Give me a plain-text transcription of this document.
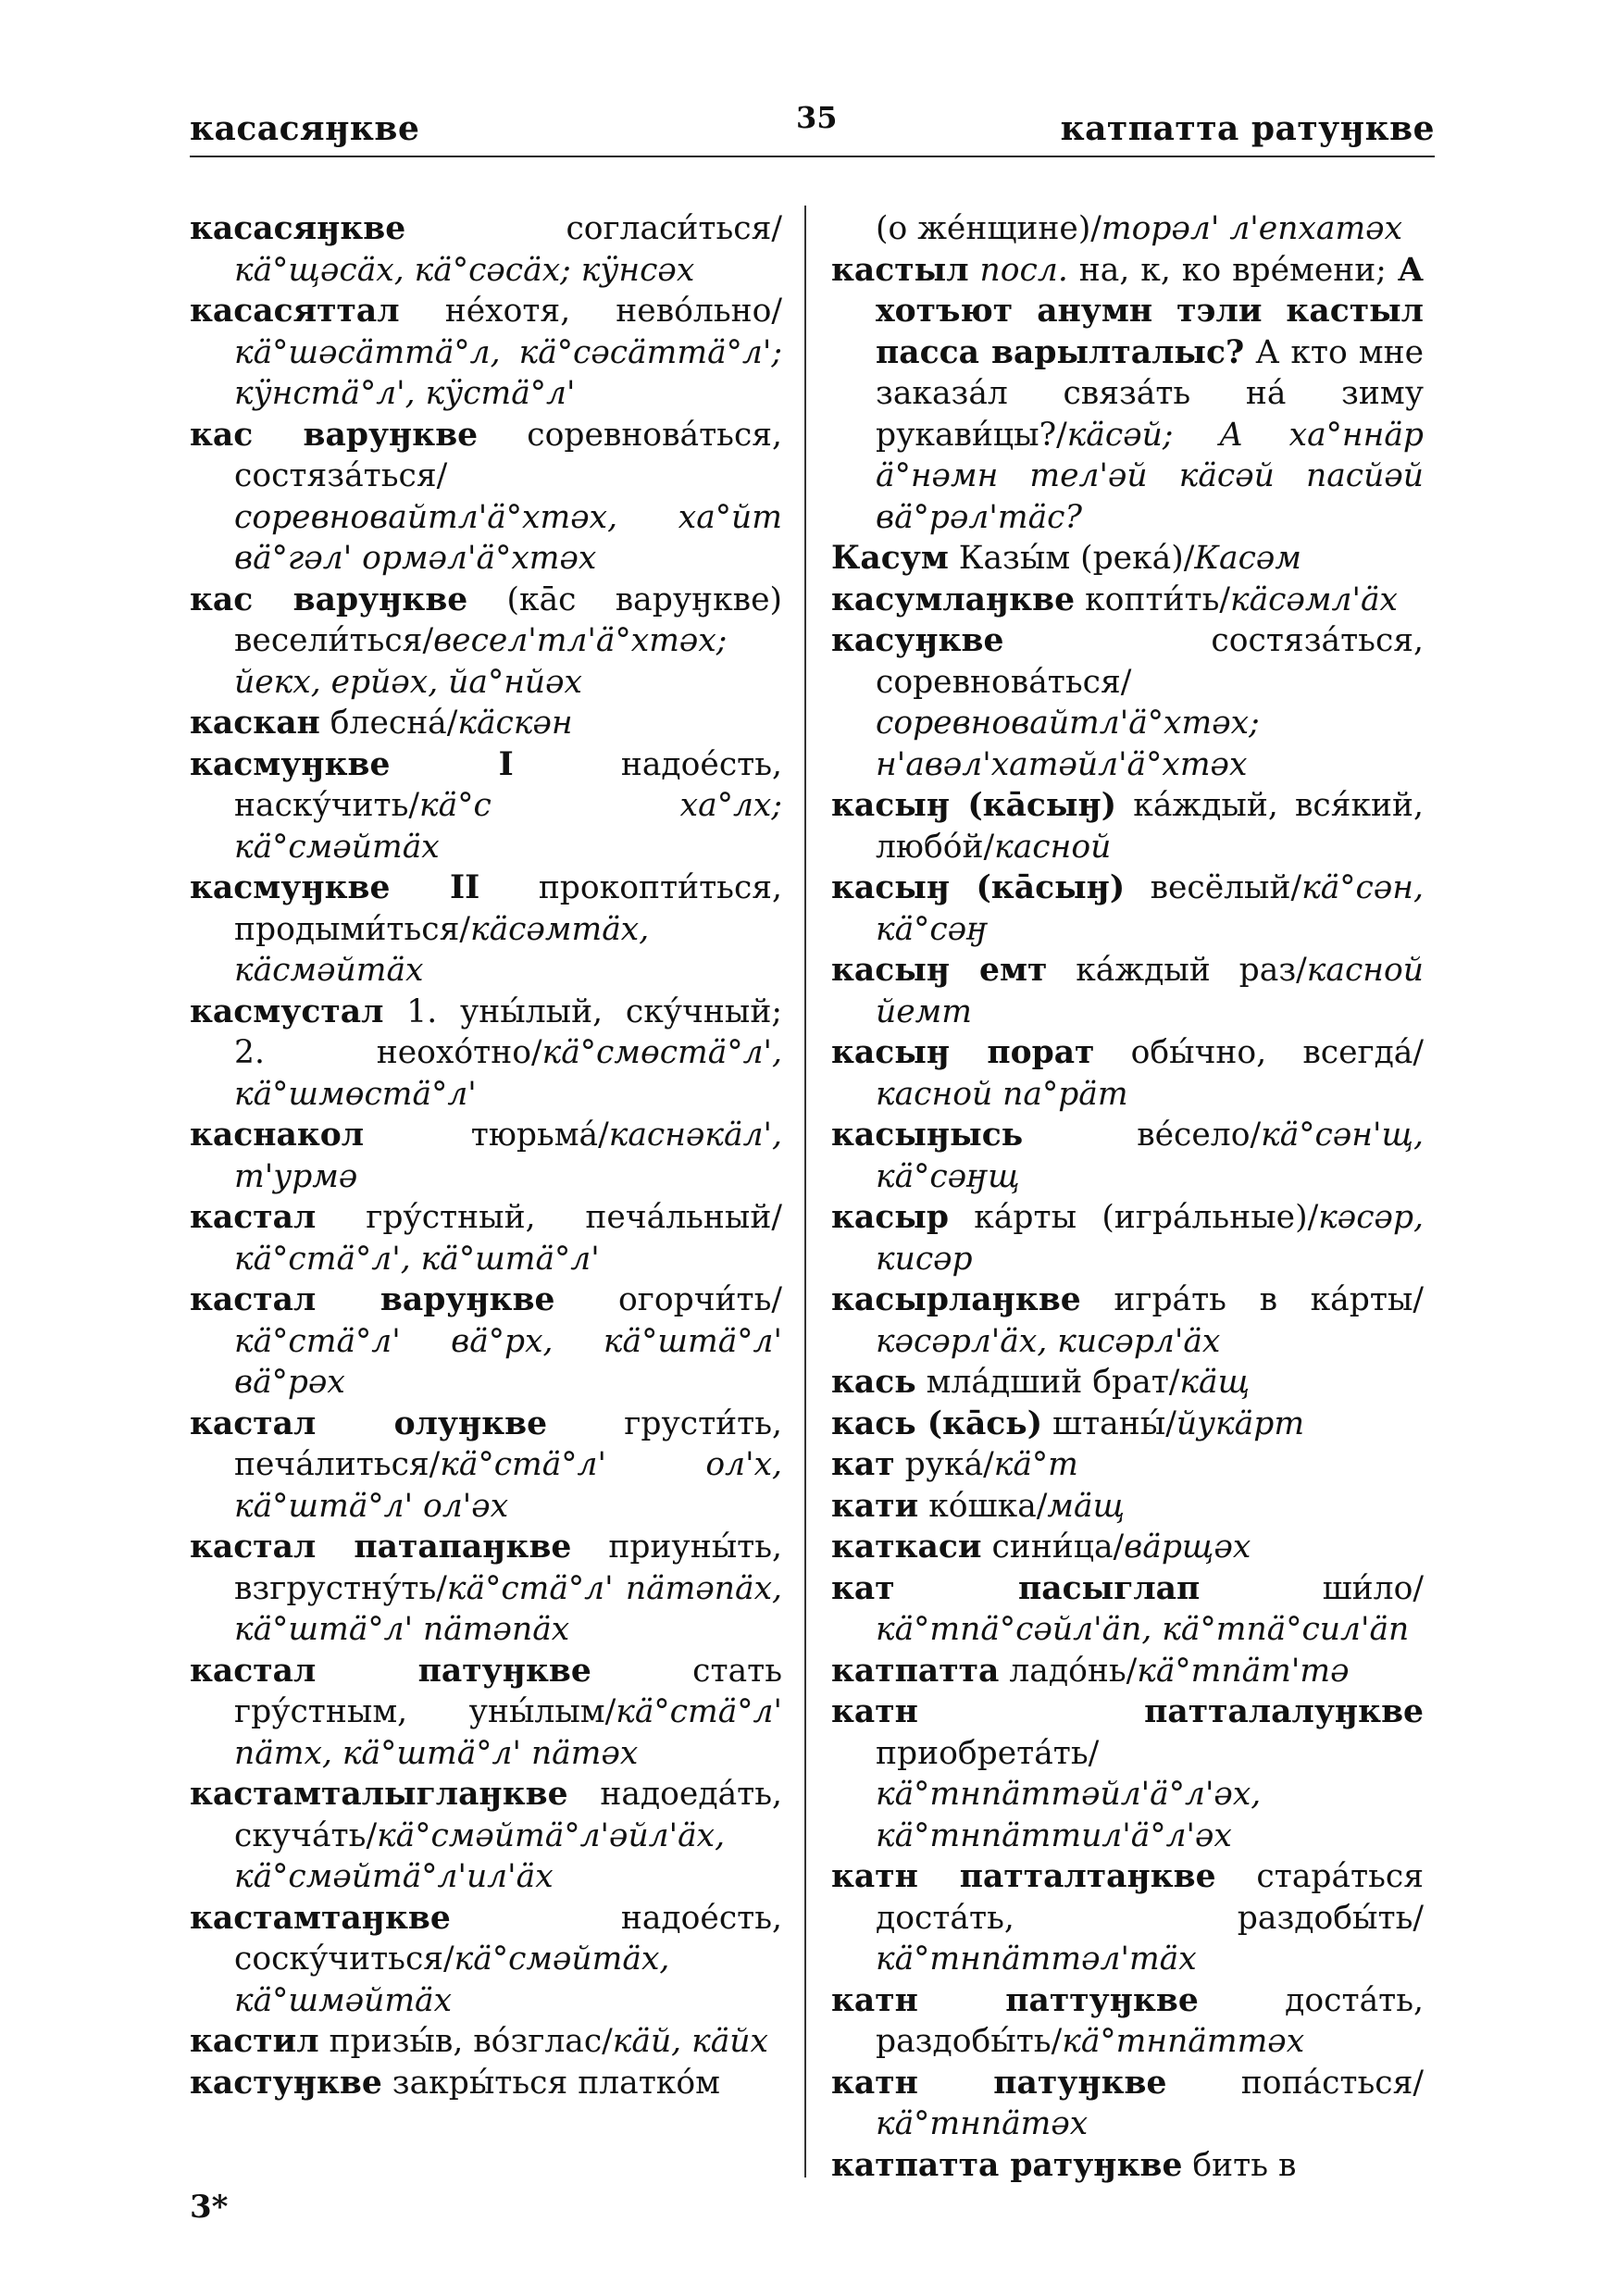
касасяӈкве	35	катпатта ратуӈкве

касасяӈкве	согласи́ться/кӓ°щəсӓх, кӓ°сəсӓх; кӱнсəх

касасяттал не́хотя, нево́льно/кӓ°шəсӓттӓ°л, кӓ°сəсӓттӓ°л'; кӱнстӓ°л', кӱстӓ°л'

кас варуӈкве соревнова́ться, состяза́ться/соревновайтл'ӓ°хтəх, ха°йт вӓ°гəл' ормəл'ӓ°хтəх

кас варуӈкве (ка̄с варуӈкве) весели́ться/весел'тл'ӓ°хтəх; йекх, ерйəх, йа°нйəх

каскан блесна́/кӓскəн

касмуӈкве I	надое́сть, наску́чить/кӓ°с ха°лх; кӓ°смəйтӓх

касмуӈкве II прокопти́ться, продыми́ться/кӓсəмтӓх, кӓсмəйтӓх

касмустал 1. уны́лый, ску́чный; 2. неохо́тно/кӓ°смөстӓ°л', кӓ°шмөстӓ°л'

каснакол	тюрьма́/каснəкӓл', т'урмə

кастал гру́стный, печа́льный/кӓ°стӓ°л', кӓ°штӓ°л'

кастал варуӈкве огорчи́ть/кӓ°стӓ°л' вӓ°рх, кӓ°штӓ°л' вӓ°рəх

кастал олуӈкве грусти́ть, печа́литься/кӓ°стӓ°л' ол'х, кӓ°штӓ°л' ол'əх

кастал патапаӈкве приуны́ть, взгрустну́ть/кӓ°стӓ°л' пӓтəпӓх, кӓ°штӓ°л' пӓтəпӓх

кастал патуӈкве	стать гру́стным, уны́лым/кӓ°стӓ°л' пӓтх, кӓ°штӓ°л' пӓтəх

кастамталыглаӈкве надоеда́ть, скуча́ть/кӓ°смəйтӓ°л'əйл'ӓх, кӓ°смəйтӓ°л'ил'ӓх

кастамтаӈкве	надое́сть, соску́читься/кӓ°смəйтӓх, кӓ°шмəйтӓх

кастил призы́в, во́зглас/кӓй, кӓйх

кастуӈкве закры́ться платко́м

(о же́нщине)/торəл' л'епхатəх

кастыл посл. на, к, ко вре́мени; А хотъют анумн тэли кастыл пасса варылталыс? А кто мне заказа́л связа́ть на́ зиму рукави́цы?/кӓсəй; А ха°ннӓр ӓ°нəмн тел'əй кӓсəй пасйəй вӓ°рəл'тӓс?

Касум Казы́м (река́)/Касəм

касумлаӈкве копти́ть/кӓсəмл'ӓх

касуӈкве	состяза́ться, соревнова́ться/соревновайтл'ӓ°хтəх; н'авəл'хатəйл'ӓ°хтəх

касыӈ (ка̄сыӈ) ка́ждый, вся́кий, любо́й/касной

касыӈ (ка̄сыӈ) весёлый/кӓ°сəн, кӓ°сəӈ

касыӈ емт ка́ждый раз/касной йемт

касыӈ порат обы́чно, всегда́/касной па°рӓт

касыӈысь	ве́село/кӓ°сəн'щ, кӓ°сəӈщ

касыр ка́рты (игра́льные)/кəсəр, кисəр

касырлаӈкве игра́ть в ка́рты/кəсəрл'ӓх, кисəрл'ӓх

кась мла́дший брат/кӓщ

кась (ка̄сь) штаны́/йукӓрт

кат рука́/кӓ°т

кати ко́шка/мӓщ

каткаси сини́ца/вӓрщəх

кат пасыглап	ши́ло/кӓ°тпӓ°сəйл'ӓп, кӓ°тпӓ°сил'ӓп

катпатта ладо́нь/кӓ°тпӓт'тə

катн патталалуӈкве приобрета́ть/кӓ°тнпӓттəйл'ӓ°л'əх, кӓ°тнпӓттил'ӓ°л'əх

катн патталтаӈкве стара́ться доста́ть, раздобы́ть/кӓ°тнпӓттəл'тӓх

катн паттуӈкве	доста́ть, раздобы́ть/кӓ°тнпӓттəх

катн патуӈкве попа́сться/кӓ°тнпӓтəх

катпатта ратуӈкве бить в

3*
